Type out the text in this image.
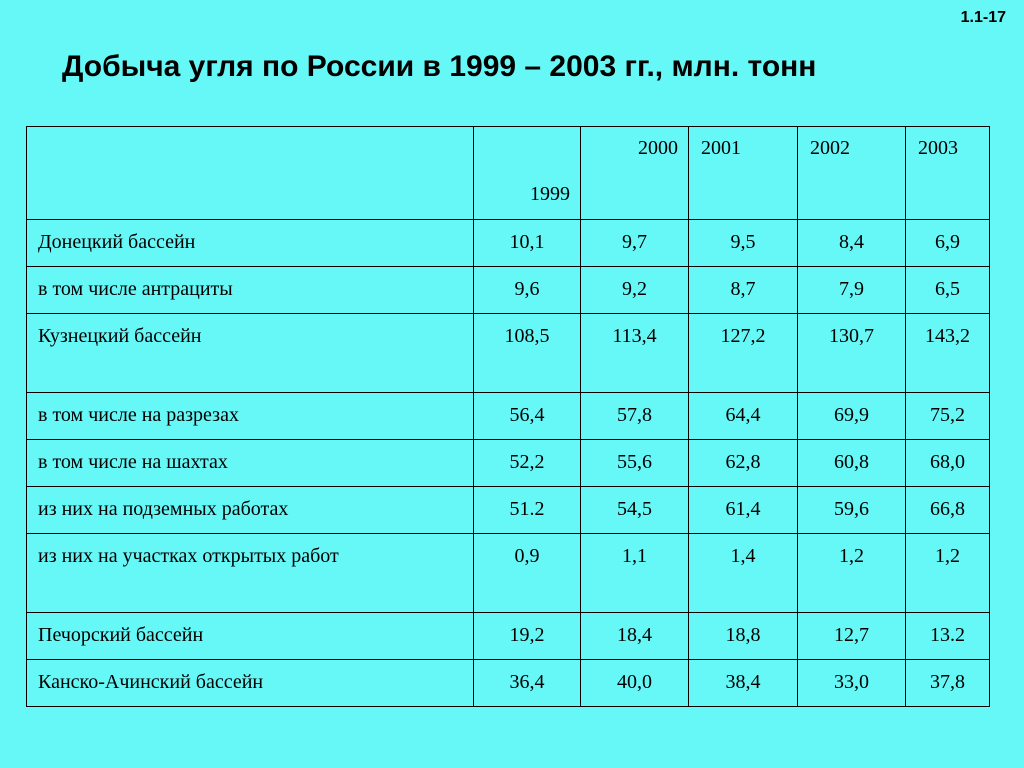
1.1-17
Добыча угля по России в 1999 – 2003 гг., млн. тонн
	1999	2000	2001	2002	2003
Донецкий бассейн	10,1	9,7	9,5	8,4	6,9
в том числе антрациты	9,6	9,2	8,7	7,9	6,5
Кузнецкий бассейн	108,5	113,4	127,2	130,7	143,2
в том числе на разрезах	56,4	57,8	64,4	69,9	75,2
в том числе на шахтах	52,2	55,6	62,8	60,8	68,0
из них на подземных работах	51.2	54,5	61,4	59,6	66,8
из них на участках открытых работ	0,9	1,1	1,4	1,2	1,2
Печорский бассейн	19,2	18,4	18,8	12,7	13.2
Канско-Ачинский бассейн	36,4	40,0	38,4	33,0	37,8
